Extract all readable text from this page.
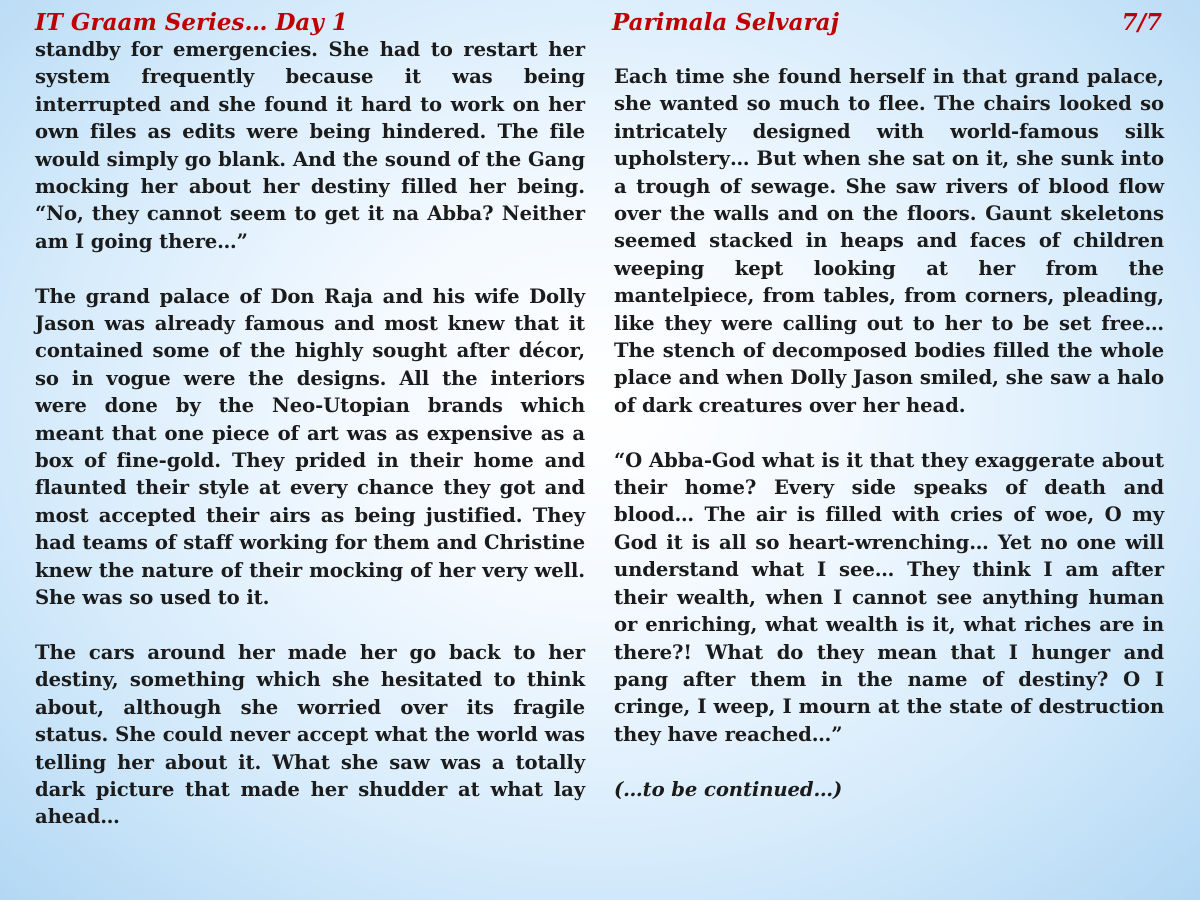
IT Graam Series… Day 1	Parimala Selvaraj	7/7

standby for emergencies. She had to restart her system frequently because it was being interrupted and she found it hard to work on her own files as edits were being hindered. The file would simply go blank. And the sound of the Gang mocking her about her destiny filled her being. “No, they cannot seem to get it na Abba? Neither am I going there…”

The grand palace of Don Raja and his wife Dolly Jason was already famous and most knew that it contained some of the highly sought after décor, so in vogue were the designs. All the interiors were done by the Neo-Utopian brands which meant that one piece of art was as expensive as a box of fine-gold. They prided in their home and flaunted their style at every chance they got and most accepted their airs as being justified. They had teams of staff working for them and Christine knew the nature of their mocking of her very well. She was so used to it.

The cars around her made her go back to her destiny, something which she hesitated to think about, although she worried over its fragile status. She could never accept what the world was telling her about it. What she saw was a totally dark picture that made her shudder at what lay ahead…

Each time she found herself in that grand palace, she wanted so much to flee. The chairs looked so intricately designed with world-famous silk upholstery… But when she sat on it, she sunk into a trough of sewage. She saw rivers of blood flow over the walls and on the floors. Gaunt skeletons seemed stacked in heaps and faces of children weeping kept looking at her from the mantelpiece, from tables, from corners, pleading, like they were calling out to her to be set free… The stench of decomposed bodies filled the whole place and when Dolly Jason smiled, she saw a halo of dark creatures over her head.

“O Abba-God what is it that they exaggerate about their home? Every side speaks of death and blood… The air is filled with cries of woe, O my God it is all so heart-wrenching… Yet no one will understand what I see… They think I am after their wealth, when I cannot see anything human or enriching, what wealth is it, what riches are in there?! What do they mean that I hunger and pang after them in the name of destiny? O I cringe, I weep, I mourn at the state of destruction they have reached…”

(…to be continued…)
